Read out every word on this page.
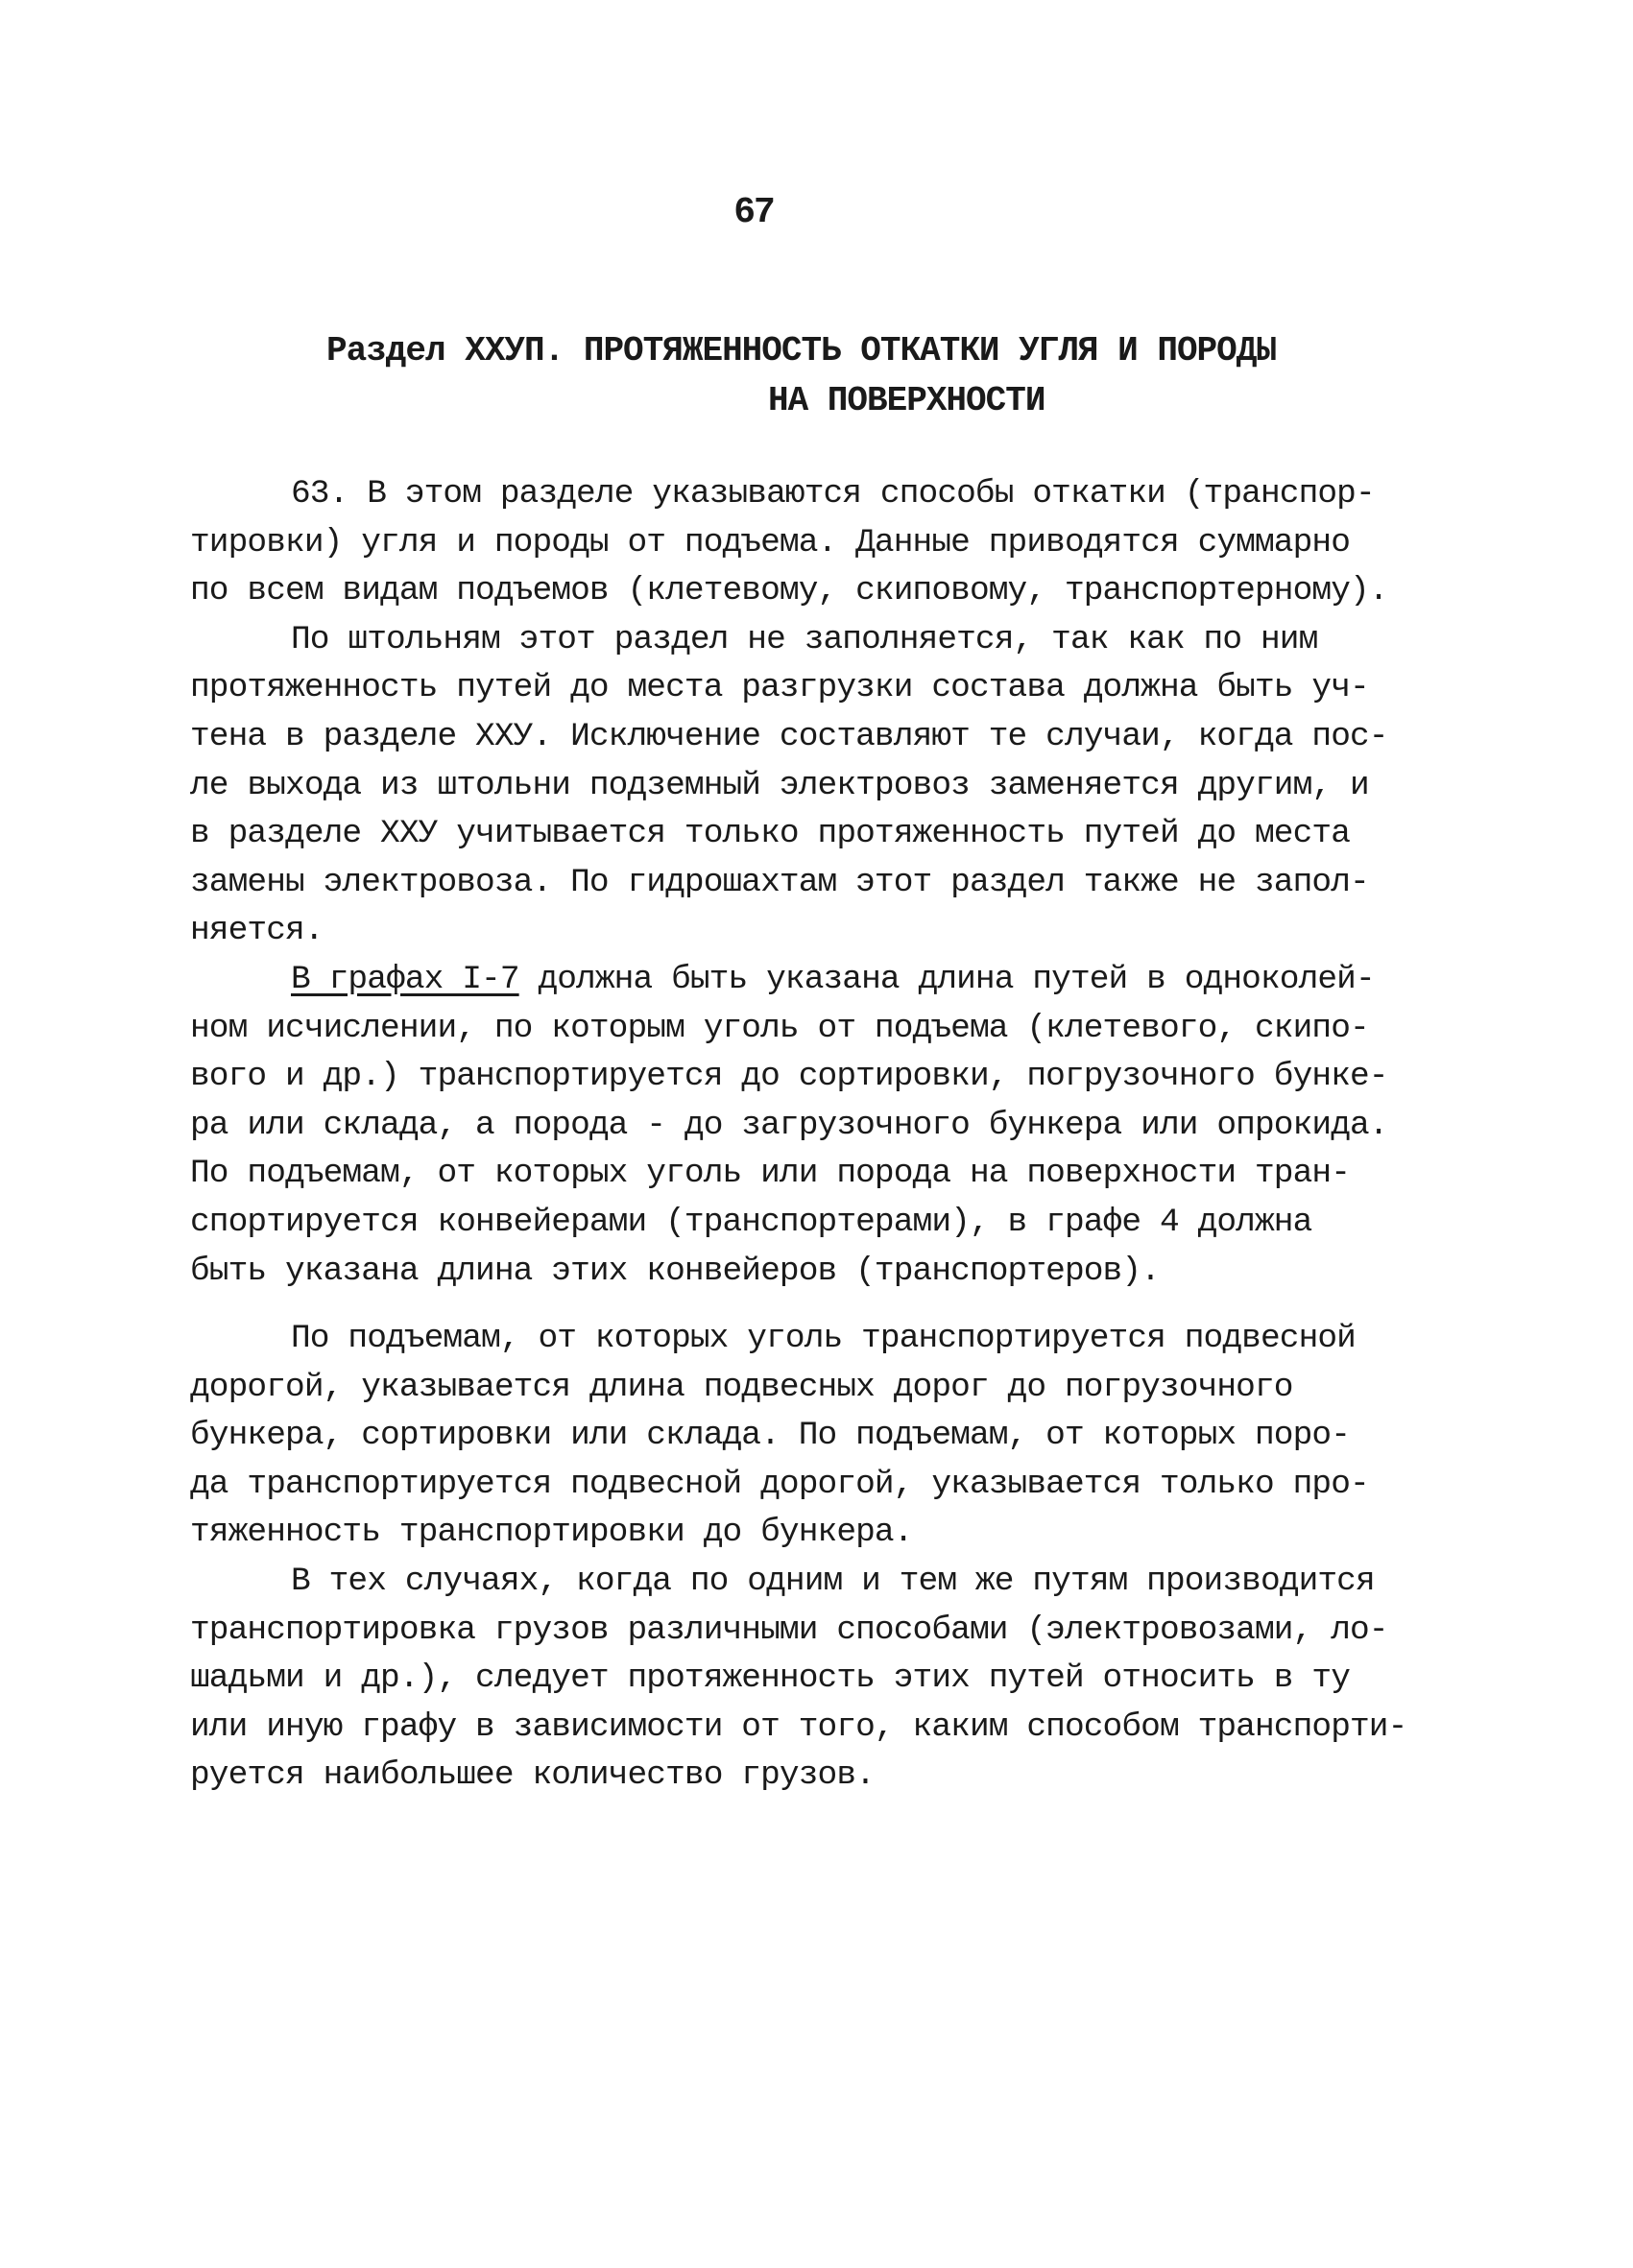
67
Раздел ХХУП. ПРОТЯЖЕННОСТЬ ОТКАТКИ УГЛЯ И ПОРОДЫ
НА ПОВЕРХНОСТИ
63. В этом разделе указываются способы откатки (транспор-
тировки) угля и породы от подъема. Данные приводятся суммарно
по всем видам подъемов (клетевому, скиповому, транспортерному).
По штольням этот раздел не заполняется, так как по ним
протяженность путей до места разгрузки состава должна быть уч-
тена в разделе ХХУ. Исключение составляют те случаи, когда пос-
ле выхода из штольни подземный электровоз заменяется другим, и
в разделе ХХУ учитывается только протяженность путей до места
замены электровоза. По гидрошахтам этот раздел также не запол-
няется.
В графах I-7 должна быть указана длина путей в одноколей-
ном исчислении, по которым уголь от подъема (клетевого, скипо-
вого и др.) транспортируется до сортировки, погрузочного бунке-
ра или склада, а порода - до загрузочного бункера или опрокида.
По подъемам, от которых уголь или порода на поверхности тран-
спортируется конвейерами (транспортерами), в графе 4 должна
быть указана длина этих конвейеров (транспортеров).
По подъемам, от которых уголь транспортируется подвесной
дорогой, указывается длина подвесных дорог до погрузочного
бункера, сортировки или склада. По подъемам, от которых поро-
да транспортируется подвесной дорогой, указывается только про-
тяженность транспортировки до бункера.
В тех случаях, когда по одним и тем же путям производится
транспортировка грузов различными способами (электровозами, ло-
шадьми и др.), следует протяженность этих путей относить в ту
или иную графу в зависимости от того, каким способом транспорти-
руется наибольшее количество грузов.
